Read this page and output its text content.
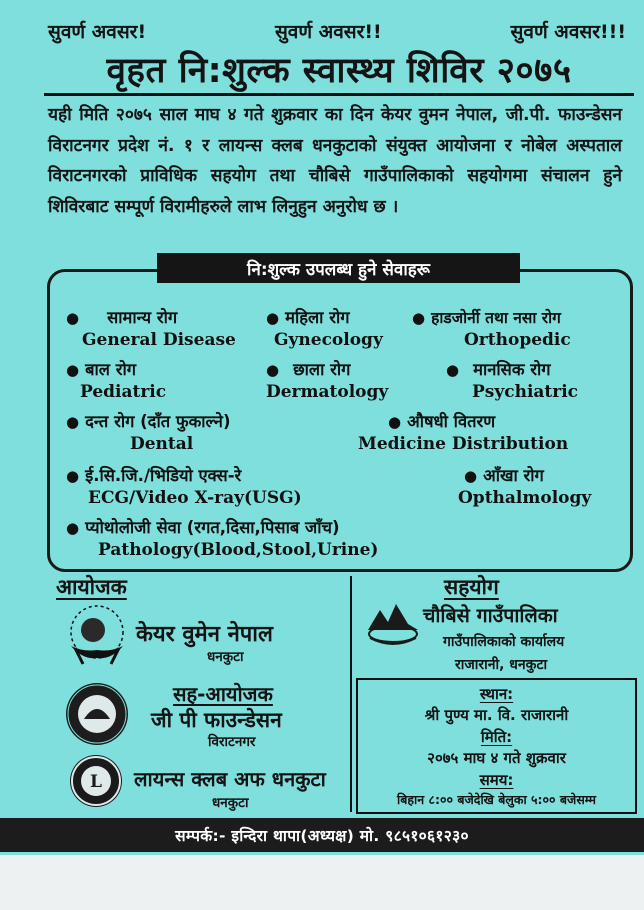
सुवर्ण अवसर!	सुवर्ण अवसर!!	सुवर्ण अवसर!!!
वृहत नि:शुल्क स्वास्थ्य शिविर २०७५
यही मिति २०७५ साल माघ ४ गते शुक्रवार का दिन केयर वुमन नेपाल, जी.पी. फाउन्डेसन विराटनगर प्रदेश नं. १ र लायन्स क्लब धनकुटाको संयुक्त आयोजना र नोबेल अस्पताल विराटनगरको प्राविधिक सहयोग तथा चौबिसे गाउँपालिकाको सहयोगमा संचालन हुने शिविरबाट सम्पूर्ण विरामीहरुले लाभ लिनुहुन अनुरोध छ ।
नि:शुल्क उपलब्ध हुने सेवाहरू
● सामान्य रोग
General Disease
● महिला रोग
Gynecology
● हाडजोर्नी तथा नसा रोग
Orthopedic
● बाल रोग
Pediatric
● छाला रोग
Dermatology
● मानसिक रोग
Psychiatric
● दन्त रोग (दाँत फुकाल्ने)
Dental
● औषधी वितरण
Medicine Distribution
● ई.सि.जि./भिडियो एक्स-रे
ECG/Video X-ray(USG)
● आँखा रोग
Opthalmology
● प्योथोलोजी सेवा (रगत,दिसा,पिसाब जाँच)
Pathology(Blood,Stool,Urine)
आयोजक	सहयोग
केयर वुमेन नेपाल
धनकुटा
सह-आयोजक
जी पी फाउन्डेसन
विराटनगर
L लायन्स क्लब अफ धनकुटा
धनकुटा
चौबिसे गाउँपालिका
गाउँपालिकाको कार्यालय
राजारानी, धनकुटा
स्थान:
श्री पुण्य मा. वि. राजारानी
मिति:
२०७५ माघ ४ गते शुक्रवार
समय:
बिहान ८:०० बजेदेखि बेलुका ५:०० बजेसम्म
सम्पर्क:- इन्दिरा थापा(अध्यक्ष) मो. ९८५१०६१२३०
